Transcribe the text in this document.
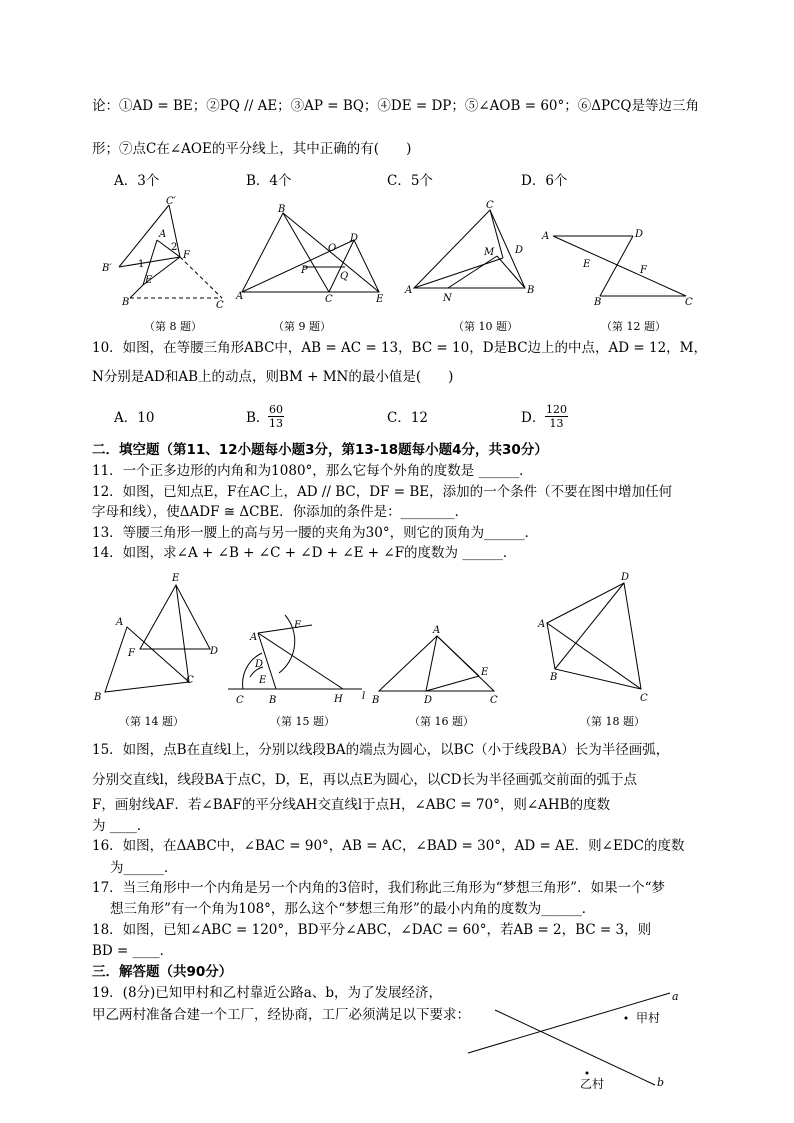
论：①AD = BE；②PQ // AE；③AP = BQ；④DE = DP；⑤∠AOB = 60°；⑥ΔPCQ是等边三角
形；⑦点C在∠AOE的平分线上，其中正确的有(　　)
A．3个	B．4个	C．5个	D．6个
C′
A
F
B′
E
B	C
1
2
B
D
O
P
Q
A	C	E
C
M D
A
N
B
A	D
E
F
B	C
（第 8 题）	（第 9 题）	（第 10 题）	（第 12 题）
10．如图，在等腰三角形ABC中，AB = AC = 13，BC = 10，D是BC边上的中点，AD = 12，M，
N分别是AD和AB上的动点，则BM + MN的最小值是(　　)
A．10	B．
$\frac{60}{13}$	C．12	D． $\frac{120}{13}$
二．填空题（第11、12小题每小题3分，第13-18题每小题4分，共30分）
11．一个正多边形的内角和为1080°，那么它每个外角的度数是 ______．
12．如图，已知点E，F在AC上，AD // BC，DF = BE，添加的一个条件（不要在图中增加任何
字母和线），使ΔADF ≅ ΔCBE．你添加的条件是：________．
13．等腰三角形一腰上的高与另一腰的夹角为30°，则它的顶角为______．
14．如图，求∠A + ∠B + ∠C + ∠D + ∠E + ∠F的度数为 ______．
E
A
F	D
C
B
F
A
D
E
C	B	H l
A
E
B	D	C
D
A
B
C
（第 14 题）	（第 15 题）	（第 16 题）	（第 18 题）
15．如图，点B在直线l上，分别以线段BA的端点为圆心，以BC（小于线段BA）长为半径画弧，
分别交直线l，线段BA于点C，D，E，再以点E为圆心，以CD长为半径画弧交前面的弧于点
F，画射线AF．若∠BAF的平分线AH交直线l于点H，∠ABC = 70°，则∠AHB的度数
为 ____．
16．如图，在ΔABC中，∠BAC = 90°，AB = AC，∠BAD = 30°，AD = AE．则∠EDC的度数
为______．
17．当三角形中一个内角是另一个内角的3倍时，我们称此三角形为“梦想三角形”．如果一个“梦
想三角形”有一个角为108°，那么这个“梦想三角形”的最小内角的度数为______．
18．如图，已知∠ABC = 120°，BD平分∠ABC，∠DAC = 60°，若AB = 2，BC = 3，则
BD = ____．
三．解答题（共90分）
19．(8分)已知甲村和乙村靠近公路a、b，为了发展经济，
甲乙两村准备合建一个工厂，经协商，工厂必须满足以下要求：
a
b
甲村
乙村
